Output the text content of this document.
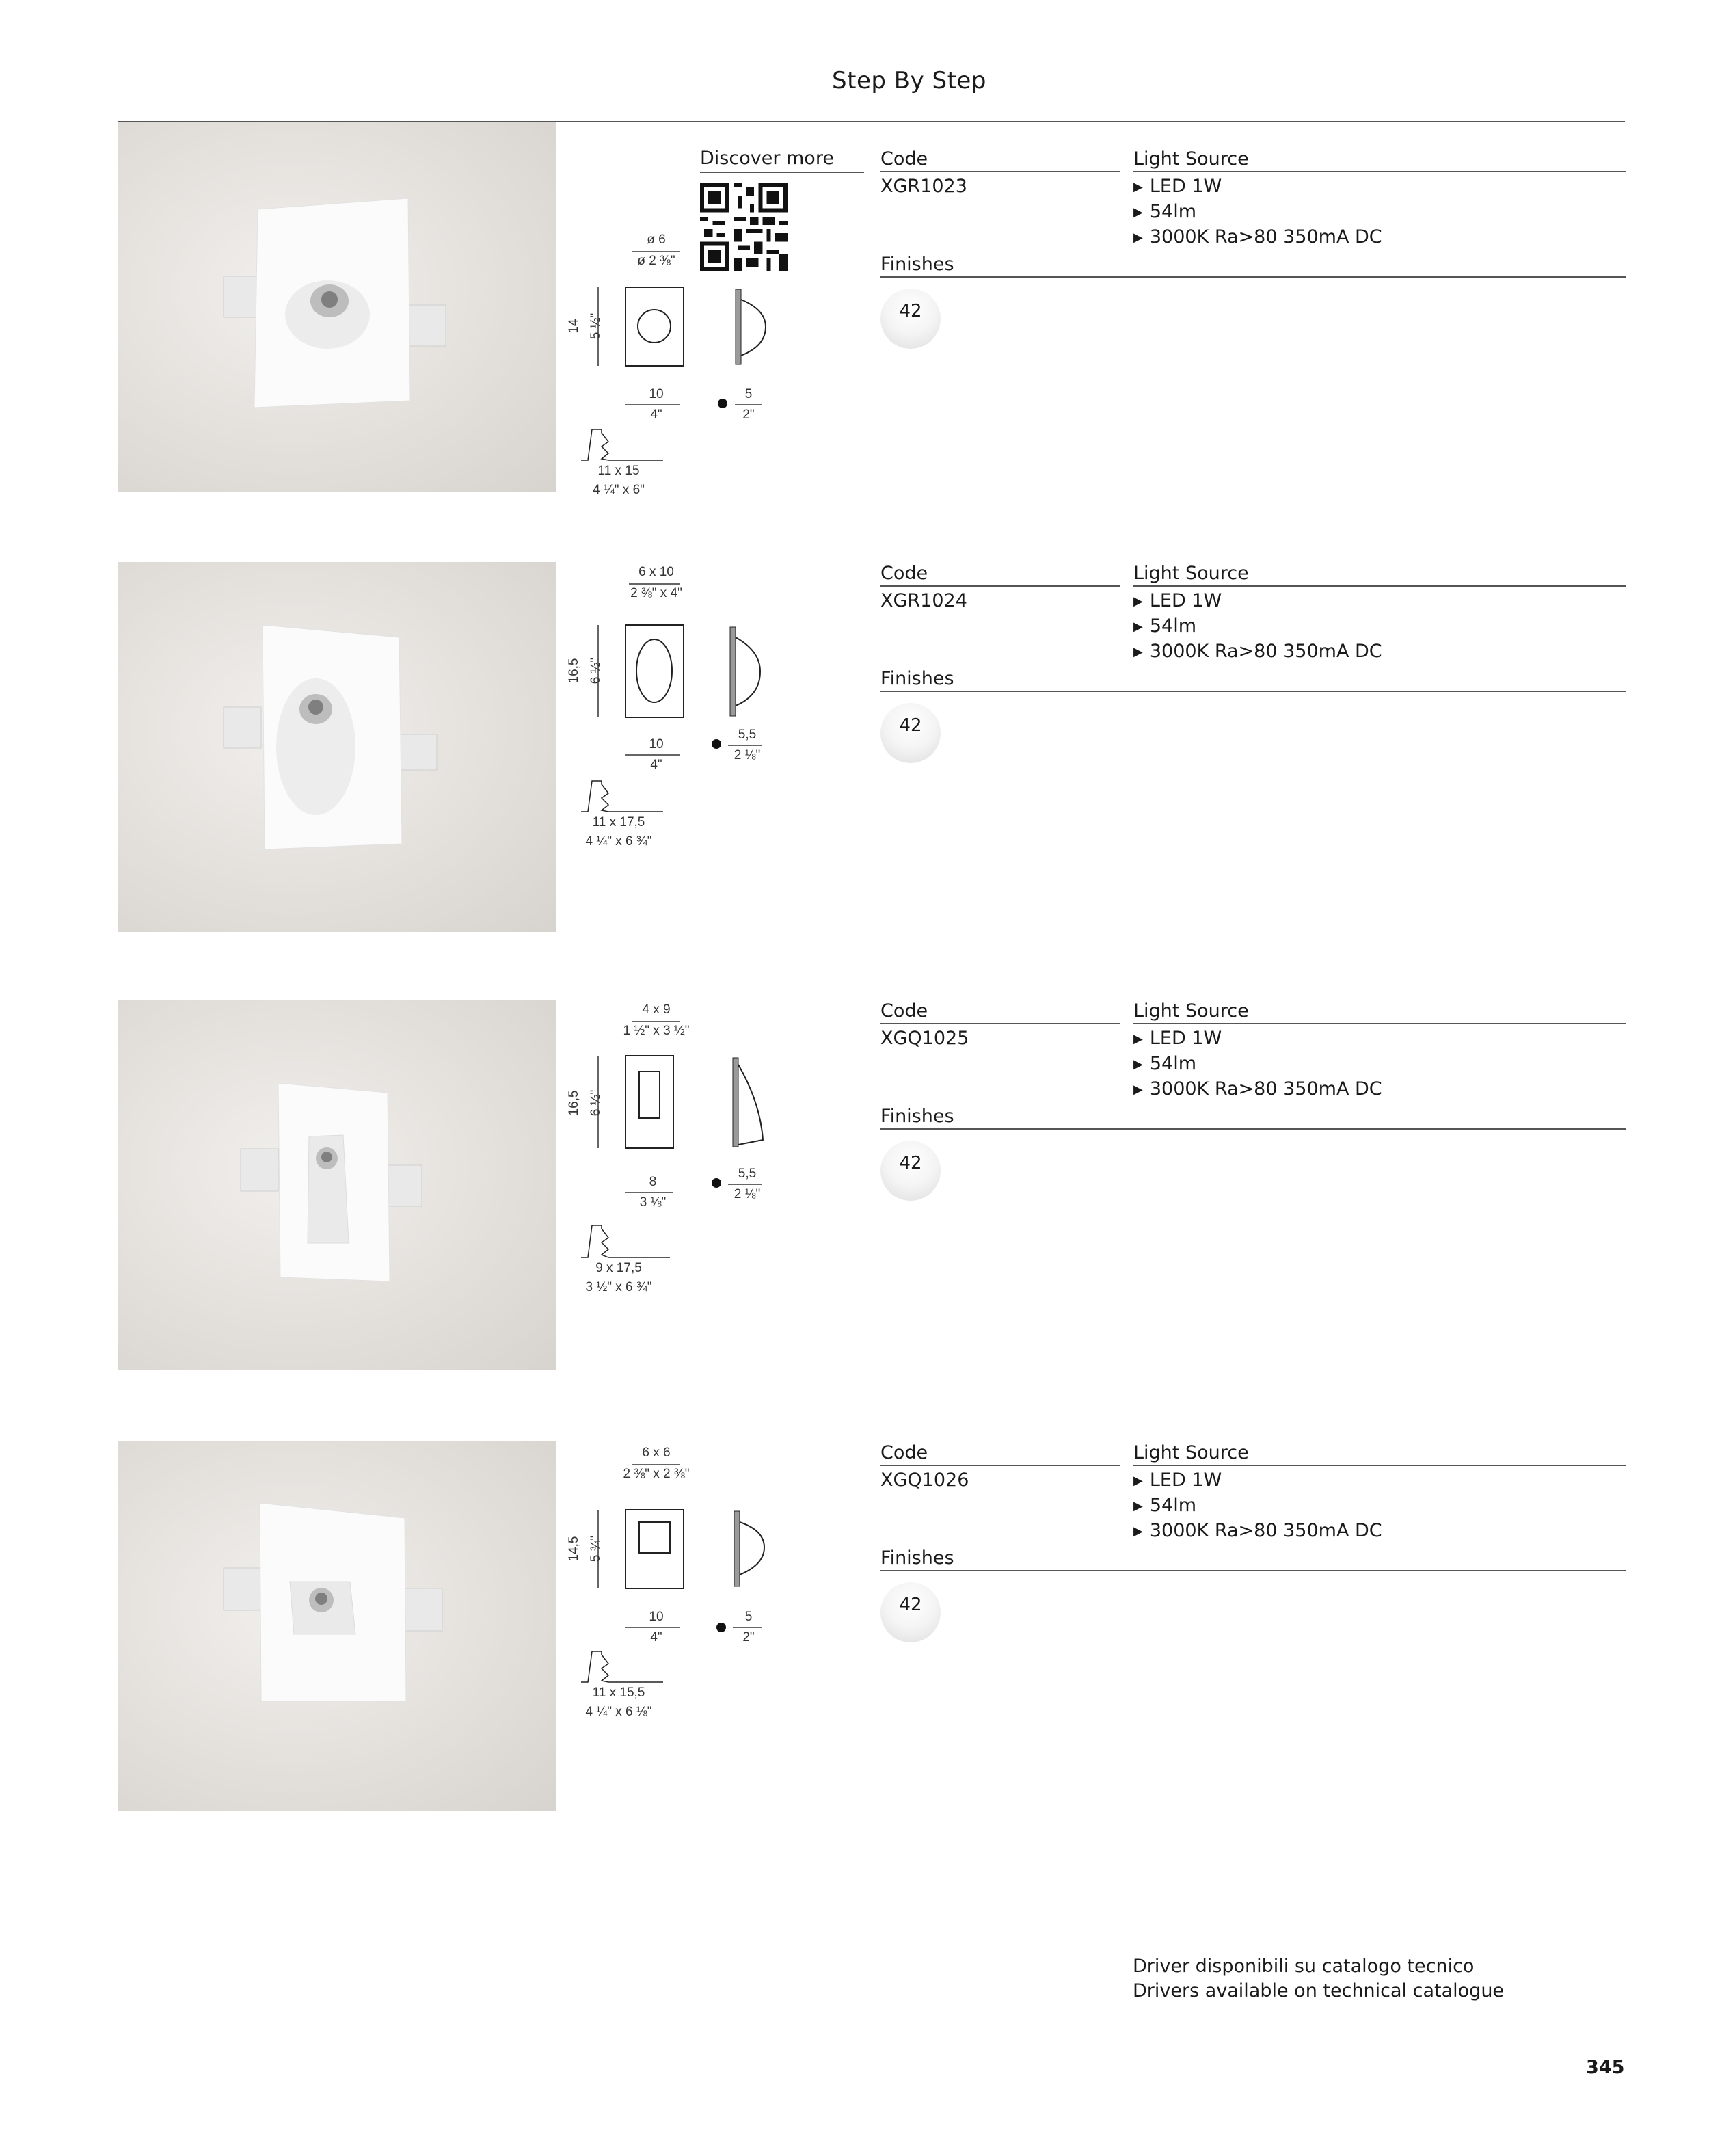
Step By Step
ø 6
ø 2 ⅜"
14 5 ½"
10
4"
5
2"
11 x 15
4 ¼" x 6"
Discover more	Code
XGR1023
Light Source
▶ LED 1W
▶ 54lm
▶ 3000K Ra>80 350mA DC
Finishes
42
6 x 10
2 ⅜" x 4"
16,5 6 ½"
10
4"
5,5
2 ⅛"
11 x 17,5
4 ¼" x 6 ¾"
Code
XGR1024
Light Source
▶ LED 1W
▶ 54lm
▶ 3000K Ra>80 350mA DC
Finishes
42
4 x 9
1 ½" x 3 ½"
16,5 6 ½"
8
3 ⅛"
5,5
2 ⅛"
9 x 17,5
3 ½" x 6 ¾"
Code
XGQ1025
Light Source
▶ LED 1W
▶ 54lm
▶ 3000K Ra>80 350mA DC
Finishes
42
6 x 6
2 ⅜" x 2 ⅜"
14,5 5 ¾"
10
4"
5
2"
11 x 15,5
4 ¼" x 6 ⅛"
Code
XGQ1026
Light Source
▶ LED 1W
▶ 54lm
▶ 3000K Ra>80 350mA DC
Finishes
42
Driver disponibili su catalogo tecnico
Drivers available on technical catalogue
345
